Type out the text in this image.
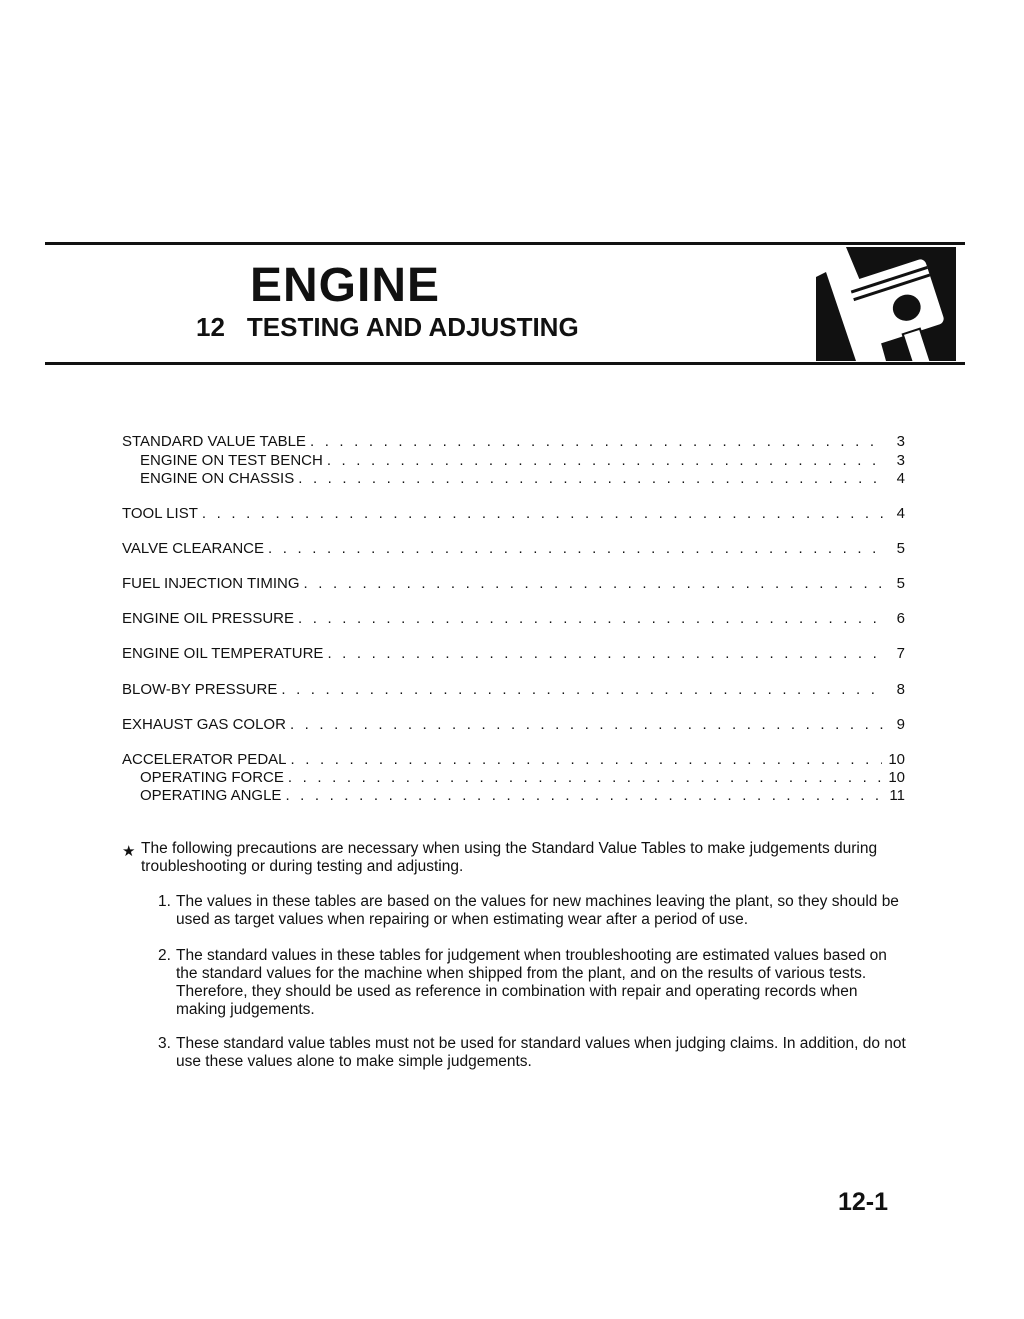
ENGINE
12 TESTING AND ADJUSTING
STANDARD VALUE TABLE . . .	3
ENGINE ON TEST BENCH . . .	3
ENGINE ON CHASSIS . . .	4
TOOL LIST . . .	4
VALVE CLEARANCE . . .	5
FUEL INJECTION TIMING . . .	5
ENGINE OIL PRESSURE . . .	6
ENGINE OIL TEMPERATURE . . .	7
BLOW-BY PRESSURE . . .	8
EXHAUST GAS COLOR . . .	9
ACCELERATOR PEDAL . . .	10
OPERATING FORCE . . .	10
OPERATING ANGLE . . .	11
★ The following precautions are necessary when using the Standard Value Tables to make judgements during troubleshooting or during testing and adjusting.
1. The values in these tables are based on the values for new machines leaving the plant, so they should be used as target values when repairing or when estimating wear after a period of use.
2. The standard values in these tables for judgement when troubleshooting are estimated values based on the standard values for the machine when shipped from the plant, and on the results of various tests. Therefore, they should be used as reference in combination with repair and operating records when making judgements.
3. These standard value tables must not be used for standard values when judging claims. In addition, do not use these values alone to make simple judgements.
12-1
